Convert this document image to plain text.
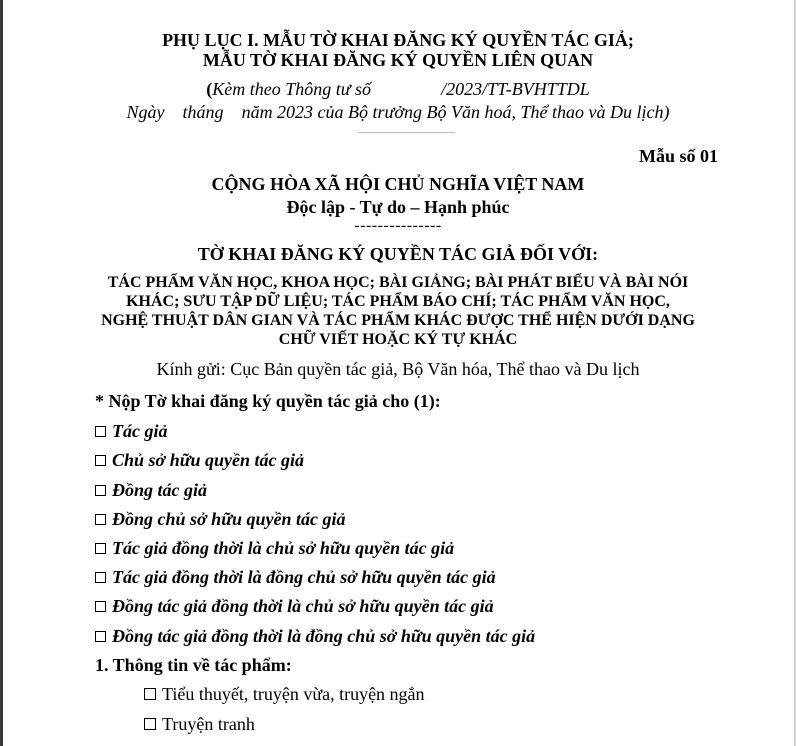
PHỤ LỤC I. MẪU TỜ KHAI ĐĂNG KÝ QUYỀN TÁC GIẢ;
MẪU TỜ KHAI ĐĂNG KÝ QUYỀN LIÊN QUAN
(Kèm theo Thông tư số	/2023/TT-BVHTTDL
Ngày tháng năm 2023 của Bộ trưởng Bộ Văn hoá, Thể thao và Du lịch)
Mẫu số 01
CỘNG HÒA XÃ HỘI CHỦ NGHĨA VIỆT NAM
Độc lập - Tự do – Hạnh phúc
---------------
TỜ KHAI ĐĂNG KÝ QUYỀN TÁC GIẢ ĐỐI VỚI:
TÁC PHẨM VĂN HỌC, KHOA HỌC; BÀI GIẢNG; BÀI PHÁT BIỂU VÀ BÀI NÓI
KHÁC; SƯU TẬP DỮ LIỆU; TÁC PHẨM BÁO CHÍ; TÁC PHẨM VĂN HỌC,
NGHỆ THUẬT DÂN GIAN VÀ TÁC PHẨM KHÁC ĐƯỢC THỂ HIỆN DƯỚI DẠNG
CHỮ VIẾT HOẶC KÝ TỰ KHÁC
Kính gửi: Cục Bản quyền tác giả, Bộ Văn hóa, Thể thao và Du lịch
* Nộp Tờ khai đăng ký quyền tác giả cho (1):
Tác giả
Chủ sở hữu quyền tác giả
Đồng tác giả
Đồng chủ sở hữu quyền tác giả
Tác giả đồng thời là chủ sở hữu quyền tác giả
Tác giả đồng thời là đồng chủ sở hữu quyền tác giả
Đồng tác giả đồng thời là chủ sở hữu quyền tác giả
Đồng tác giả đồng thời là đồng chủ sở hữu quyền tác giả
1. Thông tin về tác phẩm:
Tiểu thuyết, truyện vừa, truyện ngắn
Truyện tranh
